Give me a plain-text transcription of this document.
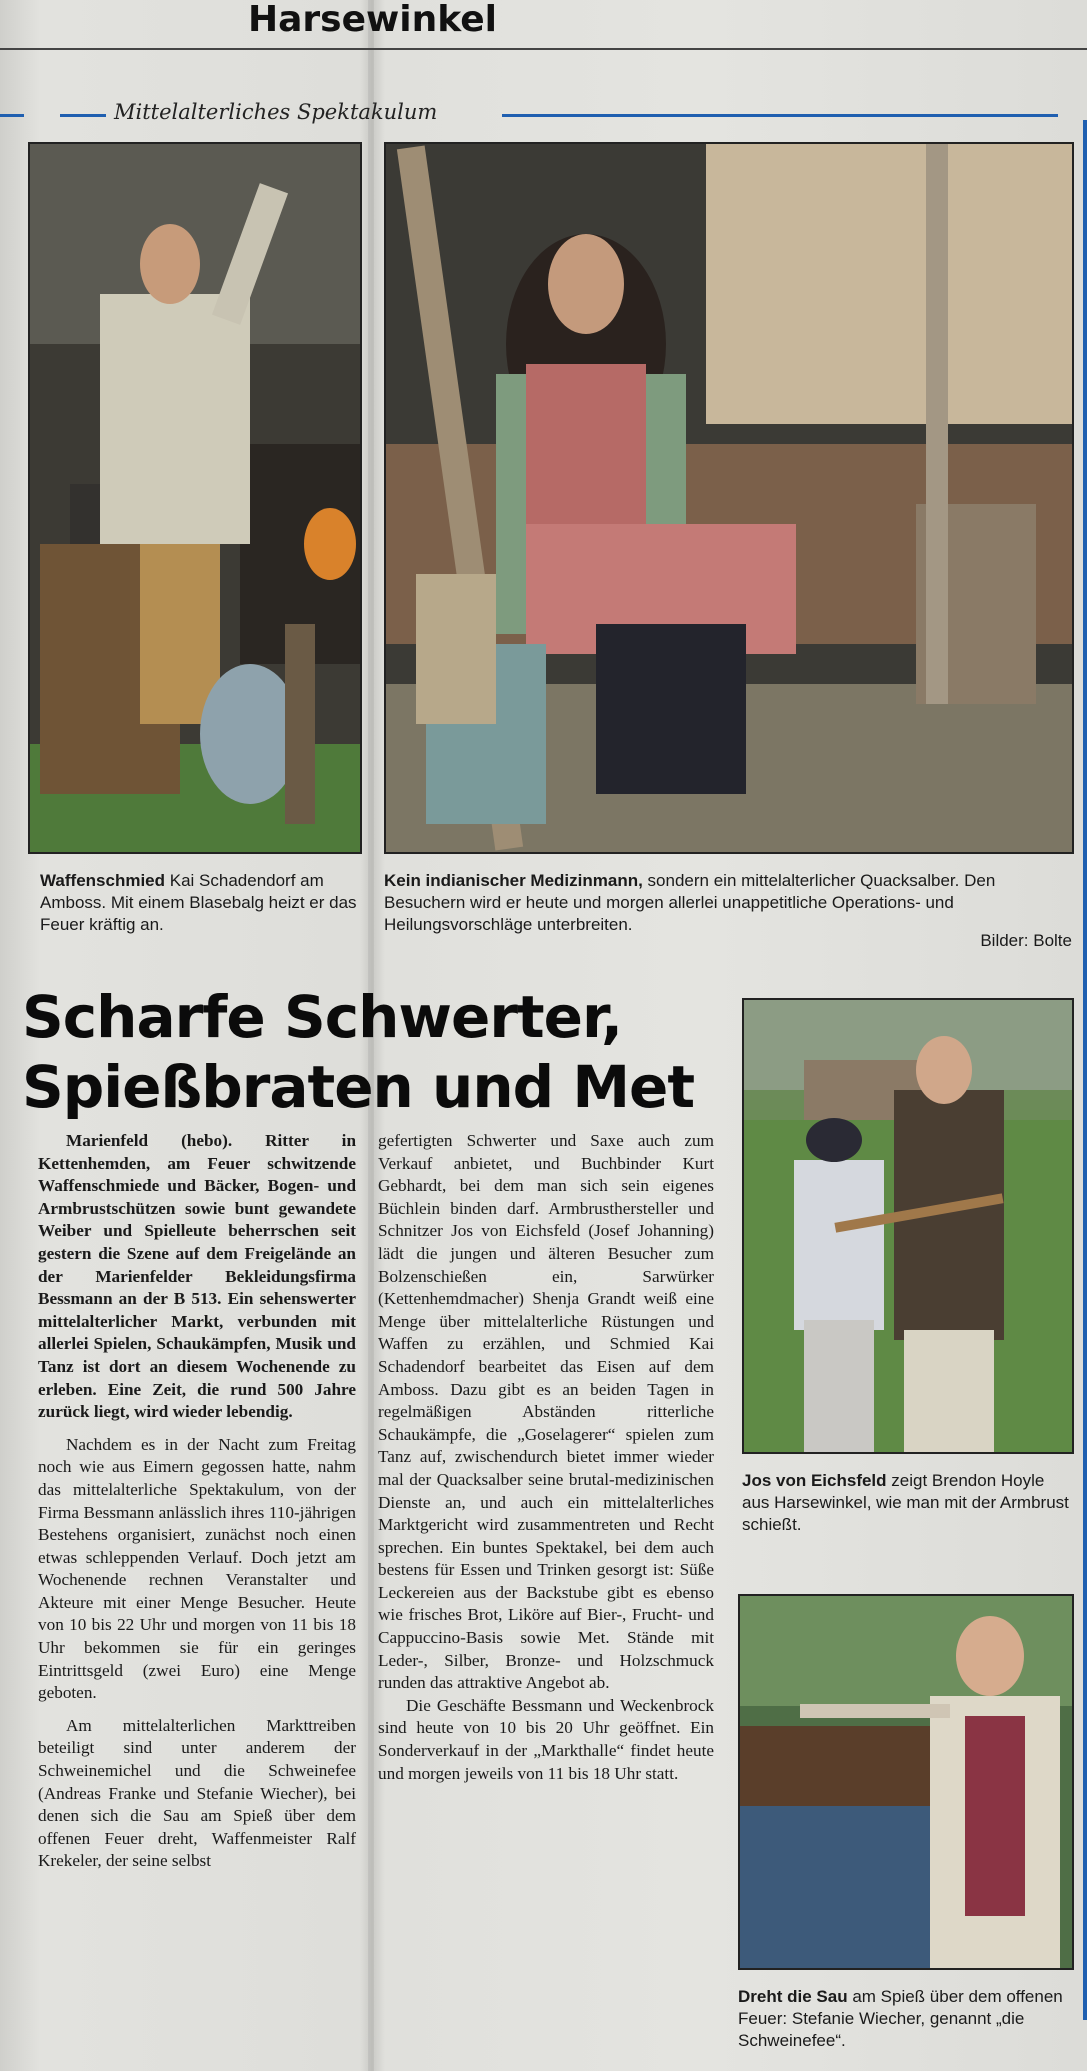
Harsewinkel
Mittelalterliches Spektakulum
Waffenschmied Kai Schadendorf am Amboss. Mit einem Blasebalg heizt er das Feuer kräftig an.
Kein indianischer Medizinmann, sondern ein mittelalterlicher Quacksalber. Den Besuchern wird er heute und morgen allerlei unappetitliche Operations- und Heilungsvorschläge unterbreiten.
Bilder: Bolte
Scharfe Schwerter,
Spießbraten und Met

Marienfeld (hebo). Ritter in Kettenhemden, am Feuer schwitzende Waffenschmiede und Bäcker, Bogen- und Armbrustschützen sowie bunt gewandete Weiber und Spielleute beherrschen seit gestern die Szene auf dem Freigelände an der Marienfelder Bekleidungsfirma Bessmann an der B 513. Ein sehenswerter mittelalterlicher Markt, verbunden mit allerlei Spielen, Schaukämpfen, Musik und Tanz ist dort an diesem Wochenende zu erleben. Eine Zeit, die rund 500 Jahre zurück liegt, wird wieder lebendig.

Nachdem es in der Nacht zum Freitag noch wie aus Eimern gegossen hatte, nahm das mittelalterliche Spektakulum, von der Firma Bessmann anlässlich ihres 110-jährigen Bestehens organisiert, zunächst noch einen etwas schleppenden Verlauf. Doch jetzt am Wochenende rechnen Veranstalter und Akteure mit einer Menge Besucher. Heute von 10 bis 22 Uhr und morgen von 11 bis 18 Uhr bekommen sie für ein geringes Eintrittsgeld (zwei Euro) eine Menge geboten.

Am mittelalterlichen Markttreiben beteiligt sind unter anderem der Schweinemichel und die Schweinefee (Andreas Franke und Stefanie Wiecher), bei denen sich die Sau am Spieß über dem offenen Feuer dreht, Waffenmeister Ralf Krekeler, der seine selbst

gefertigten Schwerter und Saxe auch zum Verkauf anbietet, und Buchbinder Kurt Gebhardt, bei dem man sich sein eigenes Büchlein binden darf. Armbrusthersteller und Schnitzer Jos von Eichsfeld (Josef Johanning) lädt die jungen und älteren Besucher zum Bolzenschießen ein, Sarwürker (Kettenhemdmacher) Shenja Grandt weiß eine Menge über mittelalterliche Rüstungen und Waffen zu erzählen, und Schmied Kai Schadendorf bearbeitet das Eisen auf dem Amboss. Dazu gibt es an beiden Tagen in regelmäßigen Abständen ritterliche Schaukämpfe, die „Goselagerer“ spielen zum Tanz auf, zwischendurch bietet immer wieder mal der Quacksalber seine brutal-medizinischen Dienste an, und auch ein mittelalterliches Marktgericht wird zusammentreten und Recht sprechen. Ein buntes Spektakel, bei dem auch bestens für Essen und Trinken gesorgt ist: Süße Leckereien aus der Backstube gibt es ebenso wie frisches Brot, Liköre auf Bier-, Frucht- und Cappuccino-Basis sowie Met. Stände mit Leder-, Silber, Bronze- und Holzschmuck runden das attraktive Angebot ab.

Die Geschäfte Bessmann und Weckenbrock sind heute von 10 bis 20 Uhr geöffnet. Ein Sonderverkauf in der „Markthalle“ findet heute und morgen jeweils von 11 bis 18 Uhr statt.

Jos von Eichsfeld zeigt Brendon Hoyle aus Harsewinkel, wie man mit der Armbrust schießt.
Dreht die Sau am Spieß über dem offenen Feuer: Stefanie Wiecher, genannt „die Schweinefee“.
